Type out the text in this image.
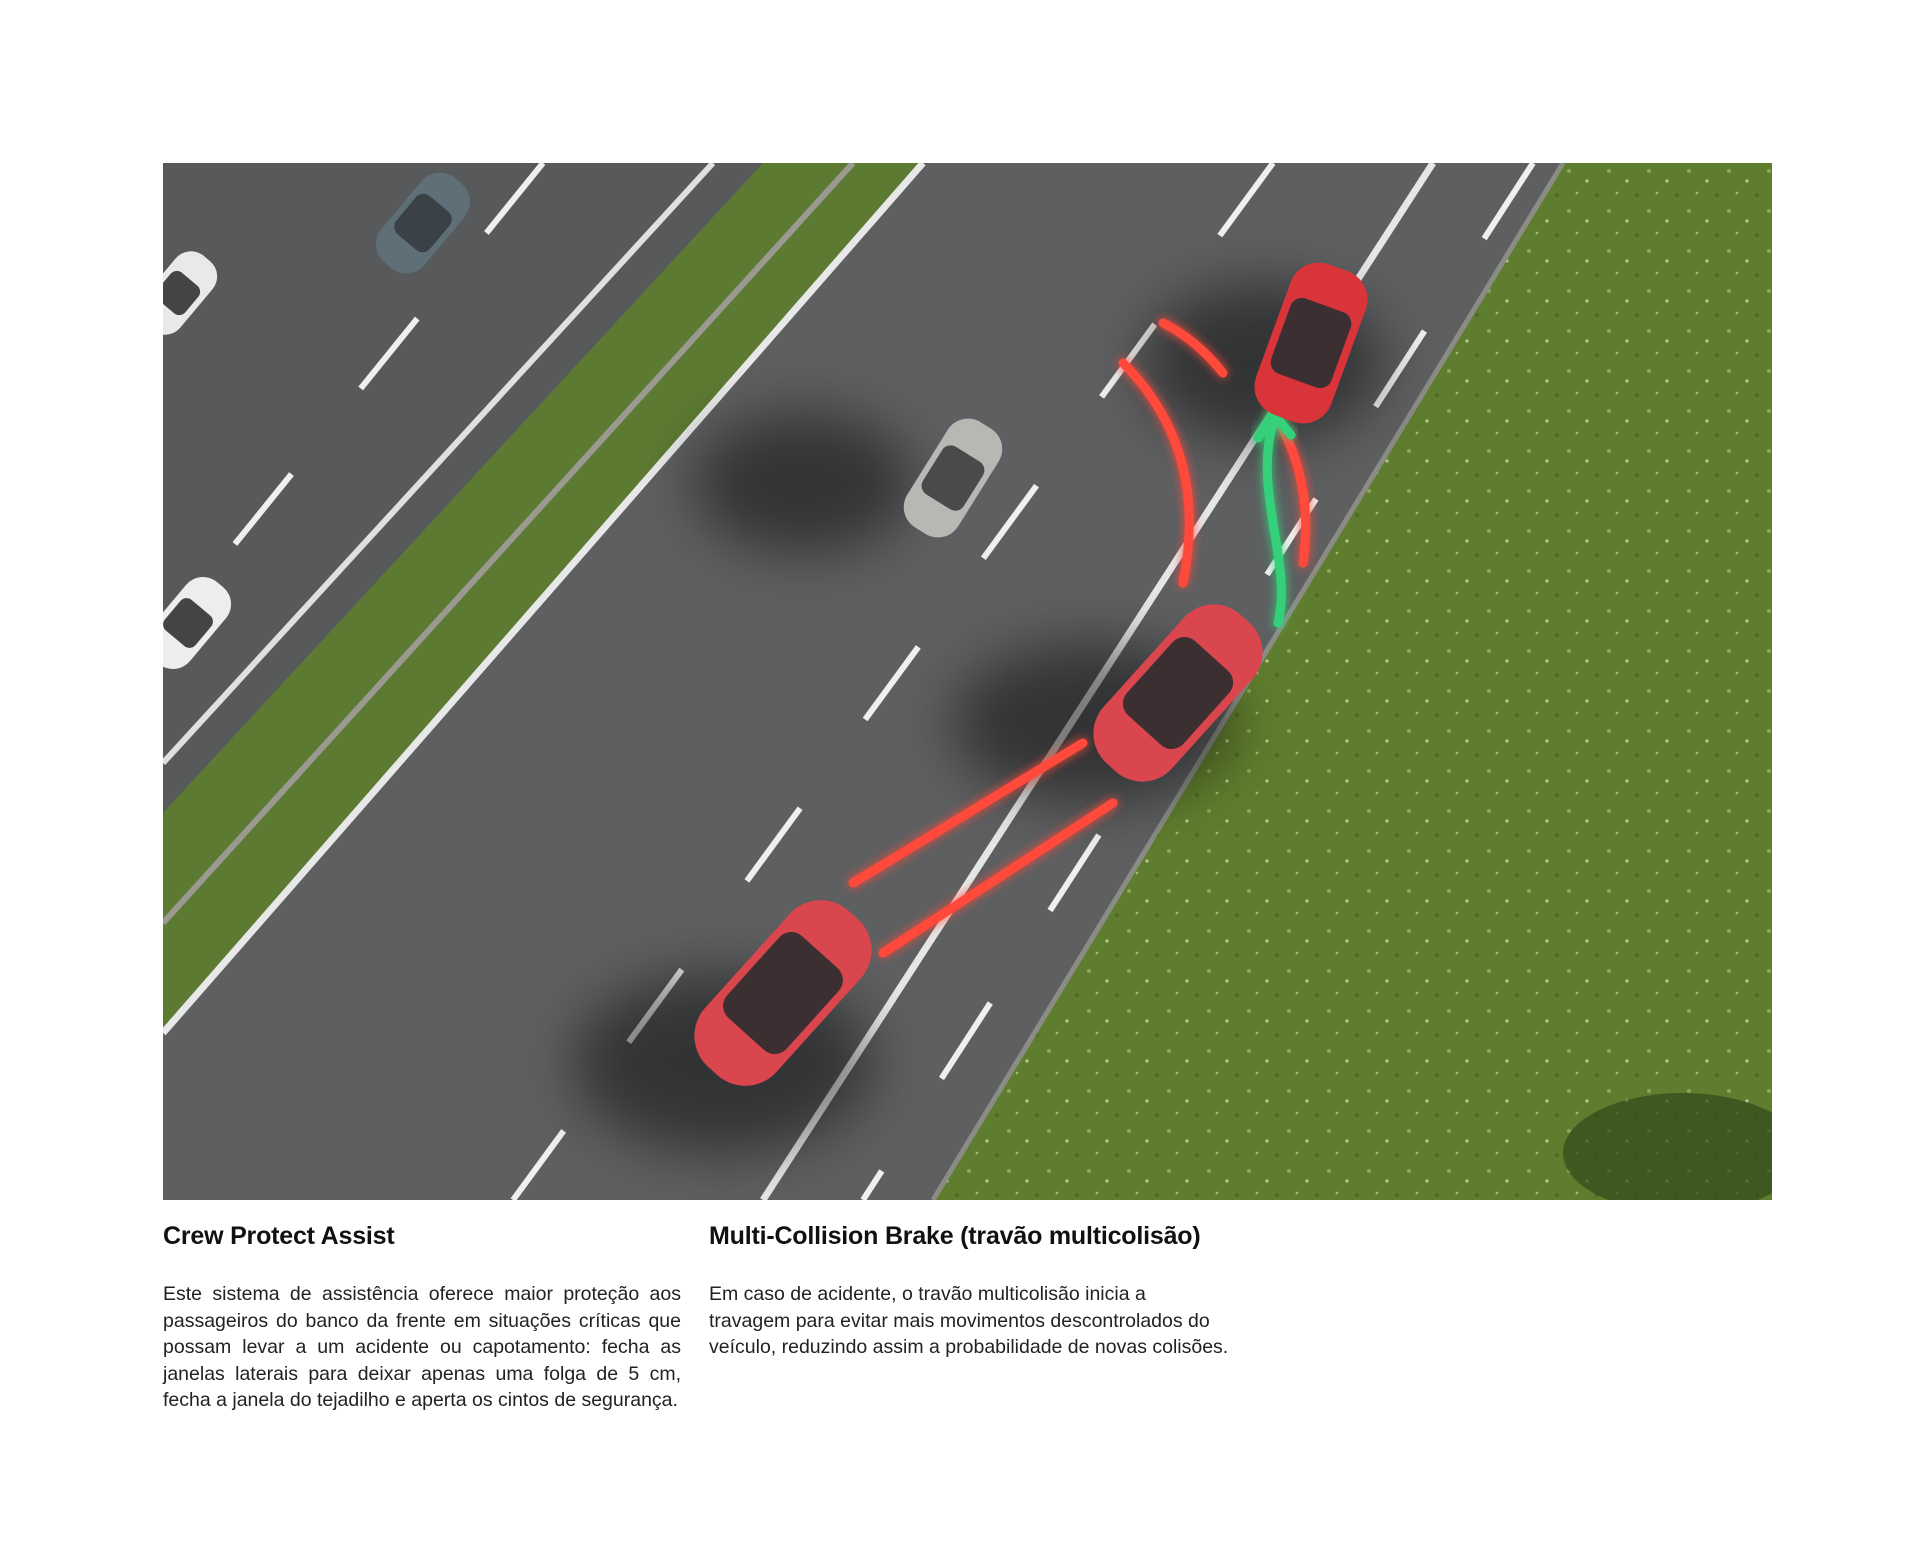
Crew Protect Assist

Este sistema de assistência oferece maior proteção aos passageiros do banco da frente em situações críticas que possam levar a um acidente ou capotamento: fecha as janelas laterais para deixar apenas uma folga de 5 cm, fecha a janela do tejadilho e aperta os cintos de segurança.

Multi-Collision Brake (travão multicolisão)

Em caso de acidente, o travão multicolisão inicia a travagem para evitar mais movimentos descontrolados do veículo, reduzindo assim a probabilidade de novas colisões.
